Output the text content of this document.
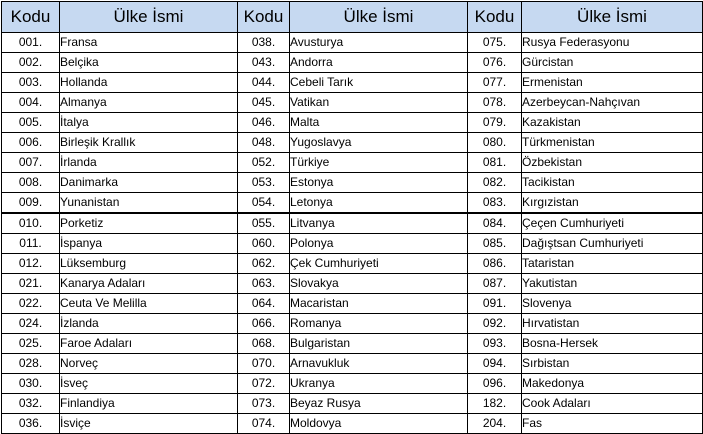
Kodu	Ülke İsmi	Kodu	Ülke İsmi	Kodu	Ülke İsmi
001.	Fransa	038.	Avusturya	075.	Rusya Federasyonu
002.	Belçika	043.	Andorra	076.	Gürcistan
003.	Hollanda	044.	Cebeli Tarık	077.	Ermenistan
004.	Almanya	045.	Vatikan	078.	Azerbeycan-Nahçıvan
005.	İtalya	046.	Malta	079.	Kazakistan
006.	Birleşik Krallık	048.	Yugoslavya	080.	Türkmenistan
007.	İrlanda	052.	Türkiye	081.	Özbekistan
008.	Danimarka	053.	Estonya	082.	Tacikistan
009.	Yunanistan	054.	Letonya	083.	Kırgızistan
010.	Porketiz	055.	Litvanya	084.	Çeçen Cumhuriyeti
011.	İspanya	060.	Polonya	085.	Dağıştsan Cumhuriyeti
012.	Lüksemburg	062.	Çek Cumhuriyeti	086.	Tataristan
021.	Kanarya Adaları	063.	Slovakya	087.	Yakutistan
022.	Ceuta Ve Melilla	064.	Macaristan	091.	Slovenya
024.	İzlanda	066.	Romanya	092.	Hırvatistan
025.	Faroe Adaları	068.	Bulgaristan	093.	Bosna-Hersek
028.	Norveç	070.	Arnavukluk	094.	Sırbistan
030.	İsveç	072.	Ukranya	096.	Makedonya
032.	Finlandiya	073.	Beyaz Rusya	182.	Cook Adaları
036.	İsviçe	074.	Moldovya	204.	Fas
